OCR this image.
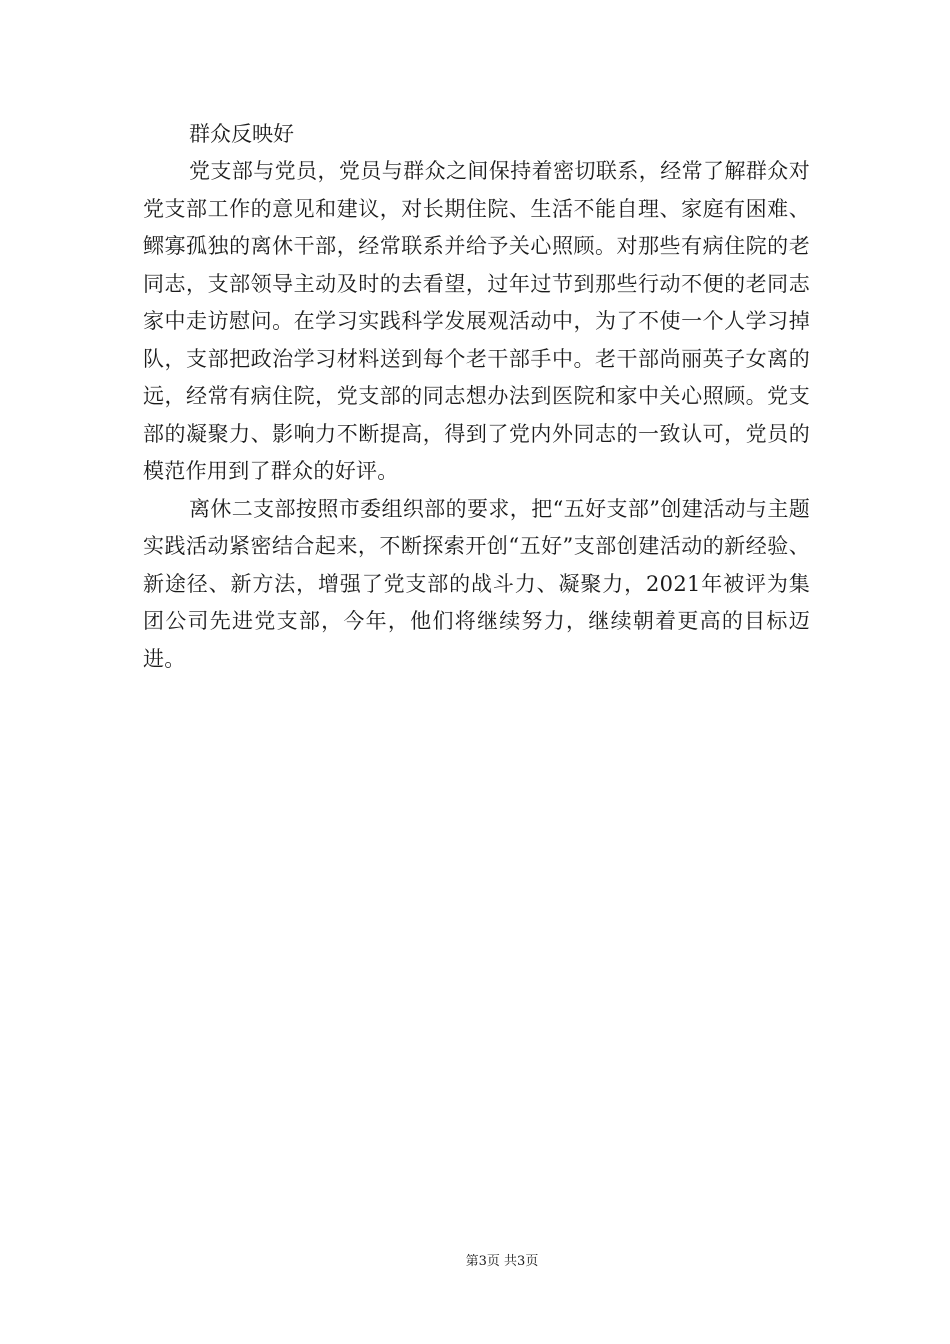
群众反映好

党支部与党员，党员与群众之间保持着密切联系，经常了解群众对党支部工作的意见和建议，对长期住院、生活不能自理、家庭有困难、鳏寡孤独的离休干部，经常联系并给予关心照顾。对那些有病住院的老同志，支部领导主动及时的去看望，过年过节到那些行动不便的老同志家中走访慰问。在学习实践科学发展观活动中，为了不使一个人学习掉队，支部把政治学习材料送到每个老干部手中。老干部尚丽英子女离的远，经常有病住院，党支部的同志想办法到医院和家中关心照顾。党支部的凝聚力、影响力不断提高，得到了党内外同志的一致认可，党员的模范作用到了群众的好评。

离休二支部按照市委组织部的要求，把“五好支部”创建活动与主题实践活动紧密结合起来，不断探索开创“五好”支部创建活动的新经验、新途径、新方法，增强了党支部的战斗力、凝聚力，2021年被评为集团公司先进党支部，今年，他们将继续努力，继续朝着更高的目标迈进。

第3页 共3页
